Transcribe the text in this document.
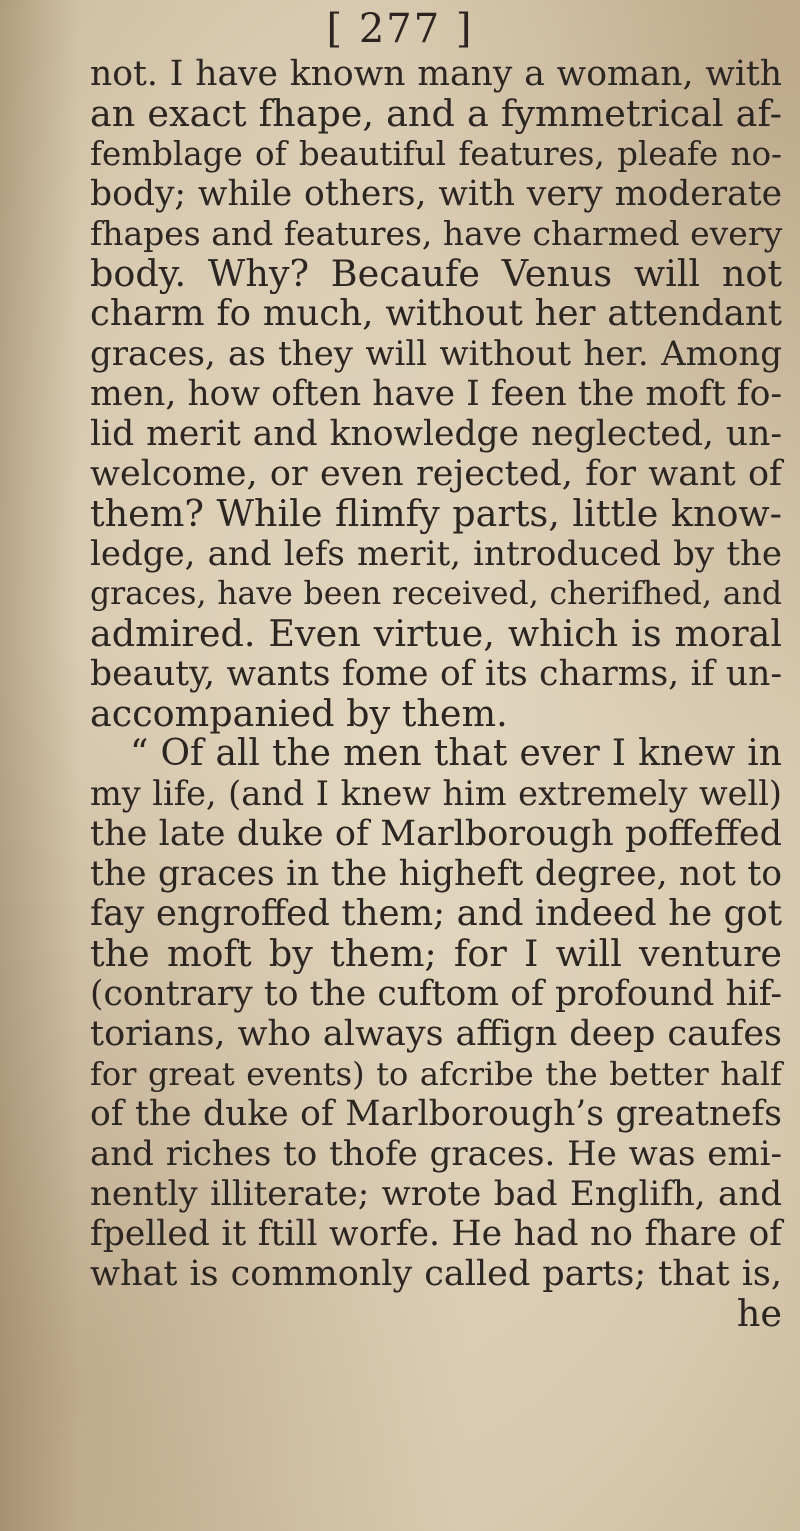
[ 277 ]
not. I have known many a woman, with
an exact fhape, and a fymmetrical af-
femblage of beautiful features, pleafe no-
body; while others, with very moderate
fhapes and features, have charmed every
body. Why? Becaufe Venus will not
charm fo much, without her attendant
graces, as they will without her. Among
men, how often have I feen the moft fo-
lid merit and knowledge neglected, un-
welcome, or even rejected, for want of
them? While flimfy parts, little know-
ledge, and lefs merit, introduced by the
graces, have been received, cherifhed, and
admired. Even virtue, which is moral
beauty, wants fome of its charms, if un-
accompanied by them.
“ Of all the men that ever I knew in
my life, (and I knew him extremely well)
the late duke of Marlborough poffeffed
the graces in the higheft degree, not to
fay engroffed them; and indeed he got
the moft by them; for I will venture
(contrary to the cuftom of profound hif-
torians, who always affign deep caufes
for great events) to afcribe the better half
of the duke of Marlborough’s greatnefs
and riches to thofe graces. He was emi-
nently illiterate; wrote bad Englifh, and
fpelled it ftill worfe. He had no fhare of
what is commonly called parts; that is,
he
